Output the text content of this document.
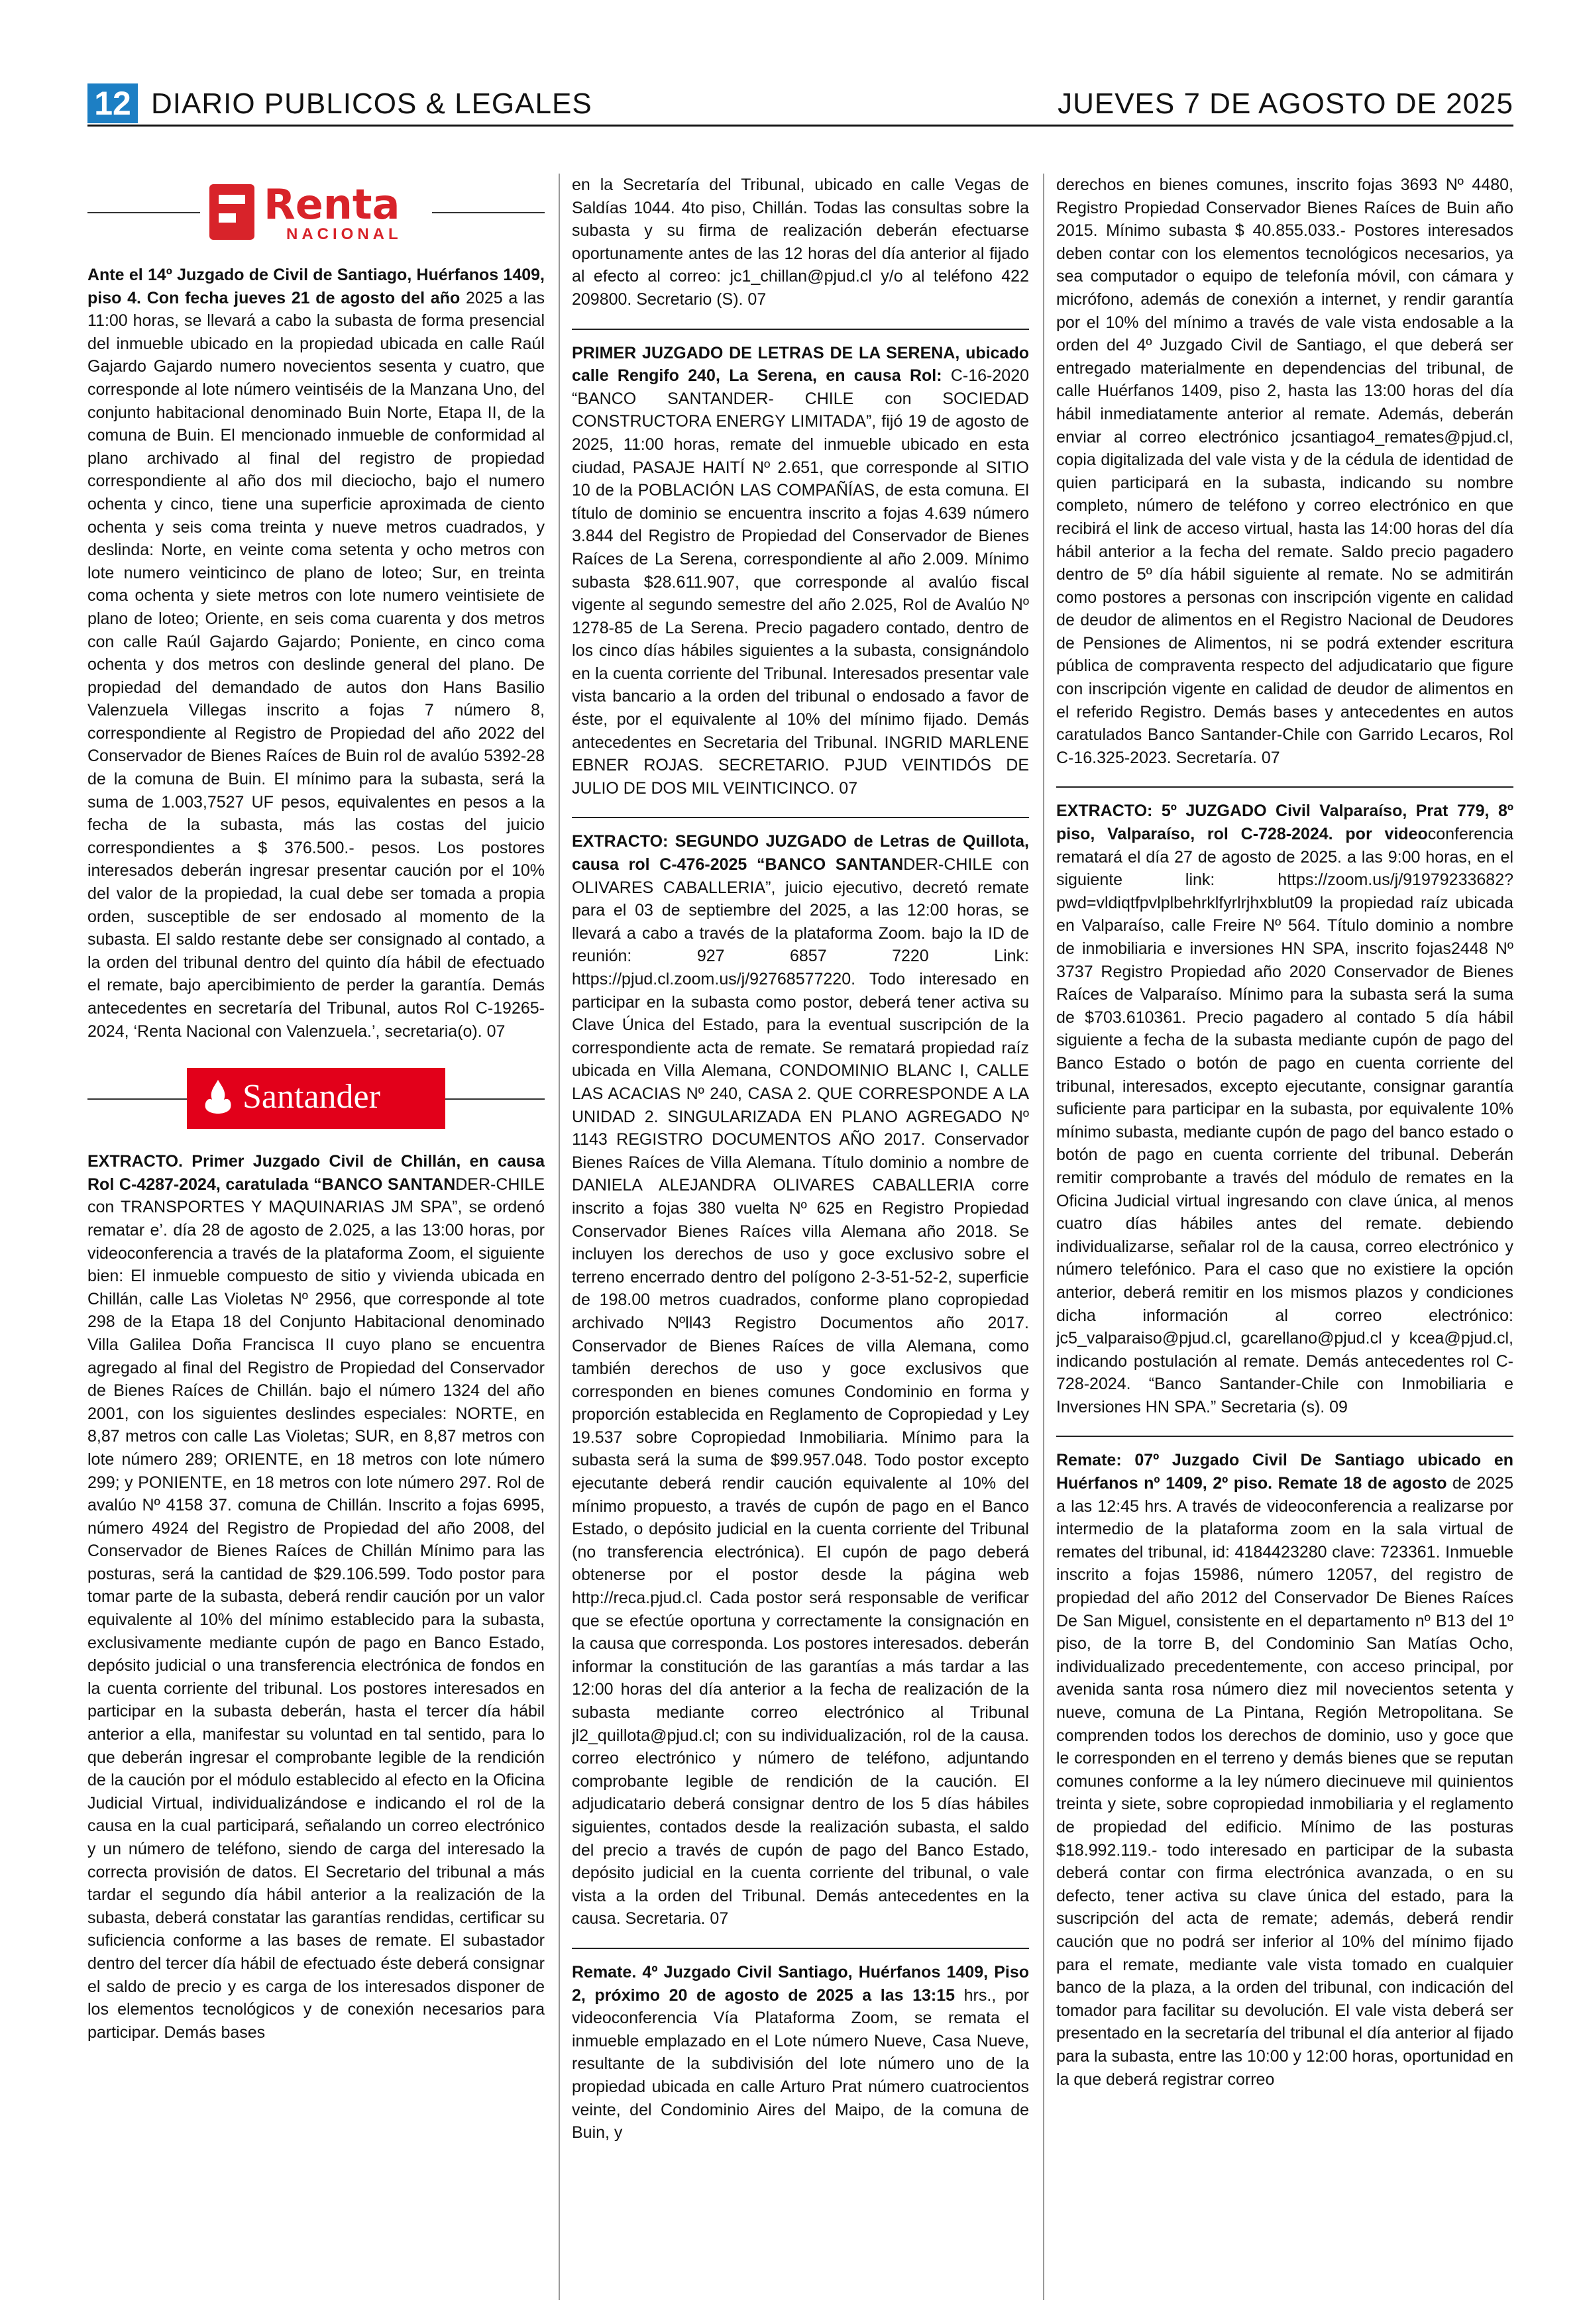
12 DIARIO PUBLICOS & LEGALES	JUEVES 7 DE AGOSTO DE 2025
Renta
NACIONAL

Ante el 14º Juzgado de Civil de Santiago, Huérfanos 1409, piso 4. Con fecha jueves 21 de agosto del año 2025 a las 11:00 horas, se llevará a cabo la subasta de forma presencial del inmueble ubicado en la propiedad ubicada en calle Raúl Gajardo Gajardo numero novecientos sesenta y cuatro, que corresponde al lote número veintiséis de la Manzana Uno, del conjunto habitacional denominado Buin Norte, Etapa II, de la comuna de Buin. El mencionado inmueble de conformidad al plano archivado al final del registro de propiedad correspondiente al año dos mil dieciocho, bajo el numero ochenta y cinco, tiene una superficie aproximada de ciento ochenta y seis coma treinta y nueve metros cuadrados, y deslinda: Norte, en veinte coma setenta y ocho metros con lote numero veinticinco de plano de loteo; Sur, en treinta coma ochenta y siete metros con lote numero veintisiete de plano de loteo; Oriente, en seis coma cuarenta y dos metros con calle Raúl Gajardo Gajardo; Poniente, en cinco coma ochenta y dos metros con deslinde general del plano. De propiedad del demandado de autos don Hans Basilio Valenzuela Villegas inscrito a fojas 7 número 8, correspondiente al Registro de Propiedad del año 2022 del Conservador de Bienes Raíces de Buin rol de avalúo 5392-28 de la comuna de Buin. El mínimo para la subasta, será la suma de 1.003,7527 UF pesos, equivalentes en pesos a la fecha de la subasta, más las costas del juicio correspondientes a $ 376.500.- pesos. Los postores interesados deberán ingresar presentar caución por el 10% del valor de la propiedad, la cual debe ser tomada a propia orden, susceptible de ser endosado al momento de la subasta. El saldo restante debe ser consignado al contado, a la orden del tribunal dentro del quinto día hábil de efectuado el remate, bajo apercibimiento de perder la garantía. Demás antecedentes en secretaría del Tribunal, autos Rol C-19265-2024, ‘Renta Nacional con Valenzuela.’, secretaria(o). 07

Santander

EXTRACTO. Primer Juzgado Civil de Chillán, en causa Rol C-4287-2024, caratulada “BANCO SANTANDER-CHILE con TRANSPORTES Y MAQUINARIAS JM SPA”, se ordenó rematar e’. día 28 de agosto de 2.025, a las 13:00 horas, por videoconferencia a través de la plataforma Zoom, el siguiente bien: El inmueble compuesto de sitio y vivienda ubicada en Chillán, calle Las Violetas Nº 2956, que corresponde al tote 298 de la Etapa 18 del Conjunto Habitacional denominado Villa Galilea Doña Francisca II cuyo plano se encuentra agregado al final del Registro de Propiedad del Conservador de Bienes Raíces de Chillán. bajo el número 1324 del año 2001, con los siguientes deslindes especiales: NORTE, en 8,87 metros con calle Las Violetas; SUR, en 8,87 metros con lote número 289; ORIENTE, en 18 metros con lote número 299; y PONIENTE, en 18 metros con lote número 297. Rol de avalúo Nº 4158 37. comuna de Chillán. Inscrito a fojas 6995, número 4924 del Registro de Propiedad del año 2008, del Conservador de Bienes Raíces de Chillán Mínimo para las posturas, será la cantidad de $29.106.599. Todo postor para tomar parte de la subasta, deberá rendir caución por un valor equivalente al 10% del mínimo establecido para la subasta, exclusivamente mediante cupón de pago en Banco Estado, depósito judicial o una transferencia electrónica de fondos en la cuenta corriente del tribunal. Los postores interesados en participar en la subasta deberán, hasta el tercer día hábil anterior a ella, manifestar su voluntad en tal sentido, para lo que deberán ingresar el comprobante legible de la rendición de la caución por el módulo establecido al efecto en la Oficina Judicial Virtual, individualizándose e indicando el rol de la causa en la cual participará, señalando un correo electrónico y un número de teléfono, siendo de carga del interesado la correcta provisión de datos. El Secretario del tribunal a más tardar el segundo día hábil anterior a la realización de la subasta, deberá constatar las garantías rendidas, certificar su suficiencia conforme a las bases de remate. El subastador dentro del tercer día hábil de efectuado éste deberá consignar el saldo de precio y es carga de los interesados disponer de los elementos tecnológicos y de conexión necesarios para participar. Demás bases

en la Secretaría del Tribunal, ubicado en calle Vegas de Saldías 1044. 4to piso, Chillán. Todas las consultas sobre la subasta y su firma de realización deberán efectuarse oportunamente antes de las 12 horas del día anterior al fijado al efecto al correo: jc1_chillan@pjud.cl y/o al teléfono 422 209800. Secretario (S). 07

PRIMER JUZGADO DE LETRAS DE LA SERENA, ubicado calle Rengifo 240, La Serena, en causa Rol: C-16-2020 “BANCO SANTANDER- CHILE con SOCIEDAD CONSTRUCTORA ENERGY LIMITADA”, fijó 19 de agosto de 2025, 11:00 horas, remate del inmueble ubicado en esta ciudad, PASAJE HAITÍ Nº 2.651, que corresponde al SITIO 10 de la POBLACIÓN LAS COMPAÑÍAS, de esta comuna. El título de dominio se encuentra inscrito a fojas 4.639 número 3.844 del Registro de Propiedad del Conservador de Bienes Raíces de La Serena, correspondiente al año 2.009. Mínimo subasta $28.611.907, que corresponde al avalúo fiscal vigente al segundo semestre del año 2.025, Rol de Avalúo Nº 1278-85 de La Serena. Precio pagadero contado, dentro de los cinco días hábiles siguientes a la subasta, consignándolo en la cuenta corriente del Tribunal. Interesados presentar vale vista bancario a la orden del tribunal o endosado a favor de éste, por el equivalente al 10% del mínimo fijado. Demás antecedentes en Secretaria del Tribunal. INGRID MARLENE EBNER ROJAS. SECRETARIO. PJUD VEINTIDÓS DE JULIO DE DOS MIL VEINTICINCO. 07

EXTRACTO: SEGUNDO JUZGADO de Letras de Quillota, causa rol C-476-2025 “BANCO SANTANDER-CHILE con OLIVARES CABALLERIA”, juicio ejecutivo, decretó remate para el 03 de septiembre del 2025, a las 12:00 horas, se llevará a cabo a través de la plataforma Zoom. bajo la ID de reunión: 927 6857 7220 Link: https://pjud.cl.zoom.us/j/92768577220. Todo interesado en participar en la subasta como postor, deberá tener activa su Clave Única del Estado, para la eventual suscripción de la correspondiente acta de remate. Se rematará propiedad raíz ubicada en Villa Alemana, CONDOMINIO BLANC I, CALLE LAS ACACIAS Nº 240, CASA 2. QUE CORRESPONDE A LA UNIDAD 2. SINGULARIZADA EN PLANO AGREGADO Nº 1143 REGISTRO DOCUMENTOS AÑO 2017. Conservador Bienes Raíces de Villa Alemana. Título dominio a nombre de DANIELA ALEJANDRA OLIVARES CABALLERIA corre inscrito a fojas 380 vuelta Nº 625 en Registro Propiedad Conservador Bienes Raíces villa Alemana año 2018. Se incluyen los derechos de uso y goce exclusivo sobre el terreno encerrado dentro del polígono 2-3-51-52-2, superficie de 198.00 metros cuadrados, conforme plano copropiedad archivado Nºll43 Registro Documentos año 2017. Conservador de Bienes Raíces de villa Alemana, como también derechos de uso y goce exclusivos que corresponden en bienes comunes Condominio en forma y proporción establecida en Reglamento de Copropiedad y Ley 19.537 sobre Copropiedad Inmobiliaria. Mínimo para la subasta será la suma de $99.957.048. Todo postor excepto ejecutante deberá rendir caución equivalente al 10% del mínimo propuesto, a través de cupón de pago en el Banco Estado, o depósito judicial en la cuenta corriente del Tribunal (no transferencia electrónica). El cupón de pago deberá obtenerse por el postor desde la página web http://reca.pjud.cl. Cada postor será responsable de verificar que se efectúe oportuna y correctamente la consignación en la causa que corresponda. Los postores interesados. deberán informar la constitución de las garantías a más tardar a las 12:00 horas del día anterior a la fecha de realización de la subasta mediante correo electrónico al Tribunal jl2_quillota@pjud.cl; con su individualización, rol de la causa. correo electrónico y número de teléfono, adjuntando comprobante legible de rendición de la caución. El adjudicatario deberá consignar dentro de los 5 días hábiles siguientes, contados desde la realización subasta, el saldo del precio a través de cupón de pago del Banco Estado, depósito judicial en la cuenta corriente del tribunal, o vale vista a la orden del Tribunal. Demás antecedentes en la causa. Secretaria. 07

Remate. 4º Juzgado Civil Santiago, Huérfanos 1409, Piso 2, próximo 20 de agosto de 2025 a las 13:15 hrs., por videoconferencia Vía Plataforma Zoom, se remata el inmueble emplazado en el Lote número Nueve, Casa Nueve, resultante de la subdivisión del lote número uno de la propiedad ubicada en calle Arturo Prat número cuatrocientos veinte, del Condominio Aires del Maipo, de la comuna de Buin, y

derechos en bienes comunes, inscrito fojas 3693 Nº 4480, Registro Propiedad Conservador Bienes Raíces de Buin año 2015. Mínimo subasta $ 40.855.033.- Postores interesados deben contar con los elementos tecnológicos necesarios, ya sea computador o equipo de telefonía móvil, con cámara y micrófono, además de conexión a internet, y rendir garantía por el 10% del mínimo a través de vale vista endosable a la orden del 4º Juzgado Civil de Santiago, el que deberá ser entregado materialmente en dependencias del tribunal, de calle Huérfanos 1409, piso 2, hasta las 13:00 horas del día hábil inmediatamente anterior al remate. Además, deberán enviar al correo electrónico jcsantiago4_remates@pjud.cl, copia digitalizada del vale vista y de la cédula de identidad de quien participará en la subasta, indicando su nombre completo, número de teléfono y correo electrónico en que recibirá el link de acceso virtual, hasta las 14:00 horas del día hábil anterior a la fecha del remate. Saldo precio pagadero dentro de 5º día hábil siguiente al remate. No se admitirán como postores a personas con inscripción vigente en calidad de deudor de alimentos en el Registro Nacional de Deudores de Pensiones de Alimentos, ni se podrá extender escritura pública de compraventa respecto del adjudicatario que figure con inscripción vigente en calidad de deudor de alimentos en el referido Registro. Demás bases y antecedentes en autos caratulados Banco Santander-Chile con Garrido Lecaros, Rol C-16.325-2023. Secretaría. 07

EXTRACTO: 5º JUZGADO Civil Valparaíso, Prat 779, 8º piso, Valparaíso, rol C-728-2024. por videoconferencia rematará el día 27 de agosto de 2025. a las 9:00 horas, en el siguiente link: https://zoom.us/j/91979233682?pwd=vldiqtfpvlplbehrklfyrlrjhxblut09 la propiedad raíz ubicada en Valparaíso, calle Freire Nº 564. Título dominio a nombre de inmobiliaria e inversiones HN SPA, inscrito fojas2448 Nº 3737 Registro Propiedad año 2020 Conservador de Bienes Raíces de Valparaíso. Mínimo para la subasta será la suma de $703.610361. Precio pagadero al contado 5 día hábil siguiente a fecha de la subasta mediante cupón de pago del Banco Estado o botón de pago en cuenta corriente del tribunal, interesados, excepto ejecutante, consignar garantía suficiente para participar en la subasta, por equivalente 10% mínimo subasta, mediante cupón de pago del banco estado o botón de pago en cuenta corriente del tribunal. Deberán remitir comprobante a través del módulo de remates en la Oficina Judicial virtual ingresando con clave única, al menos cuatro días hábiles antes del remate. debiendo individualizarse, señalar rol de la causa, correo electrónico y número telefónico. Para el caso que no existiere la opción anterior, deberá remitir en los mismos plazos y condiciones dicha información al correo electrónico: jc5_valparaiso@pjud.cl, gcarellano@pjud.cl y kcea@pjud.cl, indicando postulación al remate. Demás antecedentes rol C-728-2024. “Banco Santander-Chile con Inmobiliaria e Inversiones HN SPA.” Secretaria (s). 09

Remate: 07º Juzgado Civil De Santiago ubicado en Huérfanos nº 1409, 2º piso. Remate 18 de agosto de 2025 a las 12:45 hrs. A través de videoconferencia a realizarse por intermedio de la plataforma zoom en la sala virtual de remates del tribunal, id: 4184423280 clave: 723361. Inmueble inscrito a fojas 15986, número 12057, del registro de propiedad del año 2012 del Conservador De Bienes Raíces De San Miguel, consistente en el departamento nº B13 del 1º piso, de la torre B, del Condominio San Matías Ocho, individualizado precedentemente, con acceso principal, por avenida santa rosa número diez mil novecientos setenta y nueve, comuna de La Pintana, Región Metropolitana. Se comprenden todos los derechos de dominio, uso y goce que le corresponden en el terreno y demás bienes que se reputan comunes conforme a la ley número diecinueve mil quinientos treinta y siete, sobre copropiedad inmobiliaria y el reglamento de propiedad del edificio. Mínimo de las posturas $18.992.119.- todo interesado en participar de la subasta deberá contar con firma electrónica avanzada, o en su defecto, tener activa su clave única del estado, para la suscripción del acta de remate; además, deberá rendir caución que no podrá ser inferior al 10% del mínimo fijado para el remate, mediante vale vista tomado en cualquier banco de la plaza, a la orden del tribunal, con indicación del tomador para facilitar su devolución. El vale vista deberá ser presentado en la secretaría del tribunal el día anterior al fijado para la subasta, entre las 10:00 y 12:00 horas, oportunidad en la que deberá registrar correo
